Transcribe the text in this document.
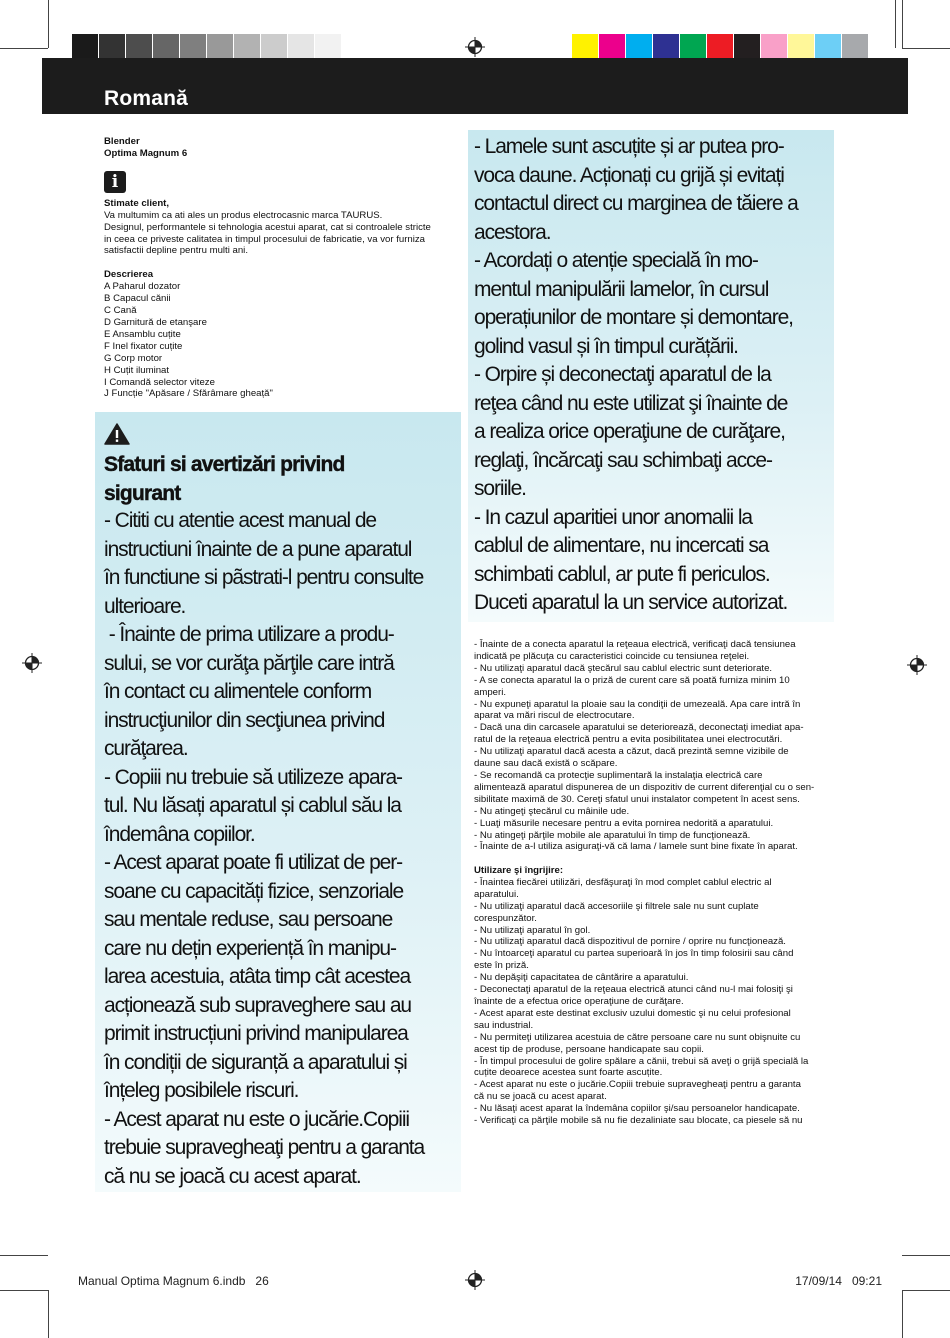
Romană
Blender
Optima Magnum 6
i
Stimate client,
Va multumim ca ati ales un produs electrocasnic marca TAURUS.
Designul, performantele si tehnologia acestui aparat, cat si controalele stricte
in ceea ce priveste calitatea in timpul procesului de fabricatie, va vor furniza
satisfactii depline pentru multi ani.
Descrierea
A Paharul dozator
B Capacul cănii
C Cană
D Garnitură de etanşare
E Ansamblu cuțite
F Inel fixator cuțite
G Corp motor
H Cuțit iluminat
I Comandă selector viteze
J Funcție "Apăsare / Sfărâmare gheață"
Sfaturi si avertizări privind
sigurant

- Cititi cu atentie acest manual de

instructiuni înainte de a pune aparatul

în functiune si pãstrati-l pentru consulte

ulterioare.

- Înainte de prima utilizare a produ-

sului, se vor curăţa părţile care intră

în contact cu alimentele conform

instrucţiunilor din secţiunea privind

curăţarea.

- Copiii nu trebuie să utilizeze apara-

tul. Nu lăsați aparatul și cablul său la

îndemâna copiilor.

- Acest aparat poate fi utilizat de per-

soane cu capacități fizice, senzoriale

sau mentale reduse, sau persoane

care nu dețin experiență în manipu-

larea acestuia, atâta timp cât acestea

acționează sub supraveghere sau au

primit instrucțiuni privind manipularea

în condiții de siguranță a aparatului și

înțeleg posibilele riscuri.

- Acest aparat nu este o jucărie.Copiii

trebuie supravegheaţi pentru a garanta

că nu se joacă cu acest aparat.

- Lamele sunt ascuțite și ar putea pro-

voca daune. Acționați cu grijă și evitați

contactul direct cu marginea de tăiere a

acestora.

- Acordați o atenție specială în mo-

mentul manipulării lamelor, în cursul

operațiunilor de montare și demontare,

golind vasul și în timpul curățării.

- Orpire și deconectaţi aparatul de la

reţea când nu este utilizat şi înainte de

a realiza orice operaţiune de curăţare,

reglaţi, încărcaţi sau schimbaţi acce-

soriile.

- In cazul aparitiei unor anomalii la

cablul de alimentare, nu incercati sa

schimbati cablul, ar pute fi periculos.

Duceti aparatul la un service autorizat.

- Înainte de a conecta aparatul la reţeaua electrică, verificaţi dacă tensiunea

indicată pe plăcuţa cu caracteristici coincide cu tensiunea reţelei.

- Nu utilizaţi aparatul dacă ştecărul sau cablul electric sunt deteriorate.

- A se conecta aparatul la o priză de curent care să poată furniza minim 10

amperi.

- Nu expuneţi aparatul la ploaie sau la condiţii de umezeală. Apa care intră în

aparat va mări riscul de electrocutare.

- Dacă una din carcasele aparatului se deteriorează, deconectaţi imediat apa-

ratul de la reţeaua electrică pentru a evita posibilitatea unei electrocutări.

- Nu utilizaţi aparatul dacă acesta a căzut, dacă prezintă semne vizibile de

daune sau dacă există o scăpare.

- Se recomandă ca protecţie suplimentară la instalaţia electrică care

alimentează aparatul dispunerea de un dispozitiv de current diferenţial cu o sen-

sibilitate maximă de 30. Cereţi sfatul unui instalator competent în acest sens.

- Nu atingeţi ştecărul cu mâinile ude.

- Luaţi măsurile necesare pentru a evita pornirea nedorită a aparatului.

- Nu atingeţi părţile mobile ale aparatului în timp de funcţionează.

- Înainte de a-l utiliza asiguraţi-vă că lama / lamele sunt bine fixate în aparat.

Utilizare şi îngrijire:

- Înaintea fiecărei utilizări, desfăşuraţi în mod complet cablul electric al

aparatului.

- Nu utilizaţi aparatul dacă accesoriile şi filtrele sale nu sunt cuplate

corespunzător.

- Nu utilizaţi aparatul în gol.

- Nu utilizaţi aparatul dacă dispozitivul de pornire / oprire nu funcţionează.

- Nu întoarceţi aparatul cu partea superioară în jos în timp folosirii sau când

este în priză.

- Nu depăşiţi capacitatea de cântărire a aparatului.

- Deconectaţi aparatul de la reţeaua electrică atunci când nu-l mai folosiţi şi

înainte de a efectua orice operaţiune de curăţare.

- Acest aparat este destinat exclusiv uzului domestic şi nu celui profesional

sau industrial.

- Nu permiteţi utilizarea acestuia de către persoane care nu sunt obişnuite cu

acest tip de produse, persoane handicapate sau copii.

- În timpul procesului de golire spălare a cănii, trebui să aveţi o grijă specială la

cuțite deoarece acestea sunt foarte ascuțite.

- Acest aparat nu este o jucărie.Copiii trebuie supravegheaţi pentru a garanta

că nu se joacă cu acest aparat.

- Nu lăsaţi acest aparat la îndemâna copiilor şi/sau persoanelor handicapate.

- Verificaţi ca părţile mobile să nu fie dezaliniate sau blocate, ca piesele să nu

Manual Optima Magnum 6.indb   26	17/09/14   09:21
